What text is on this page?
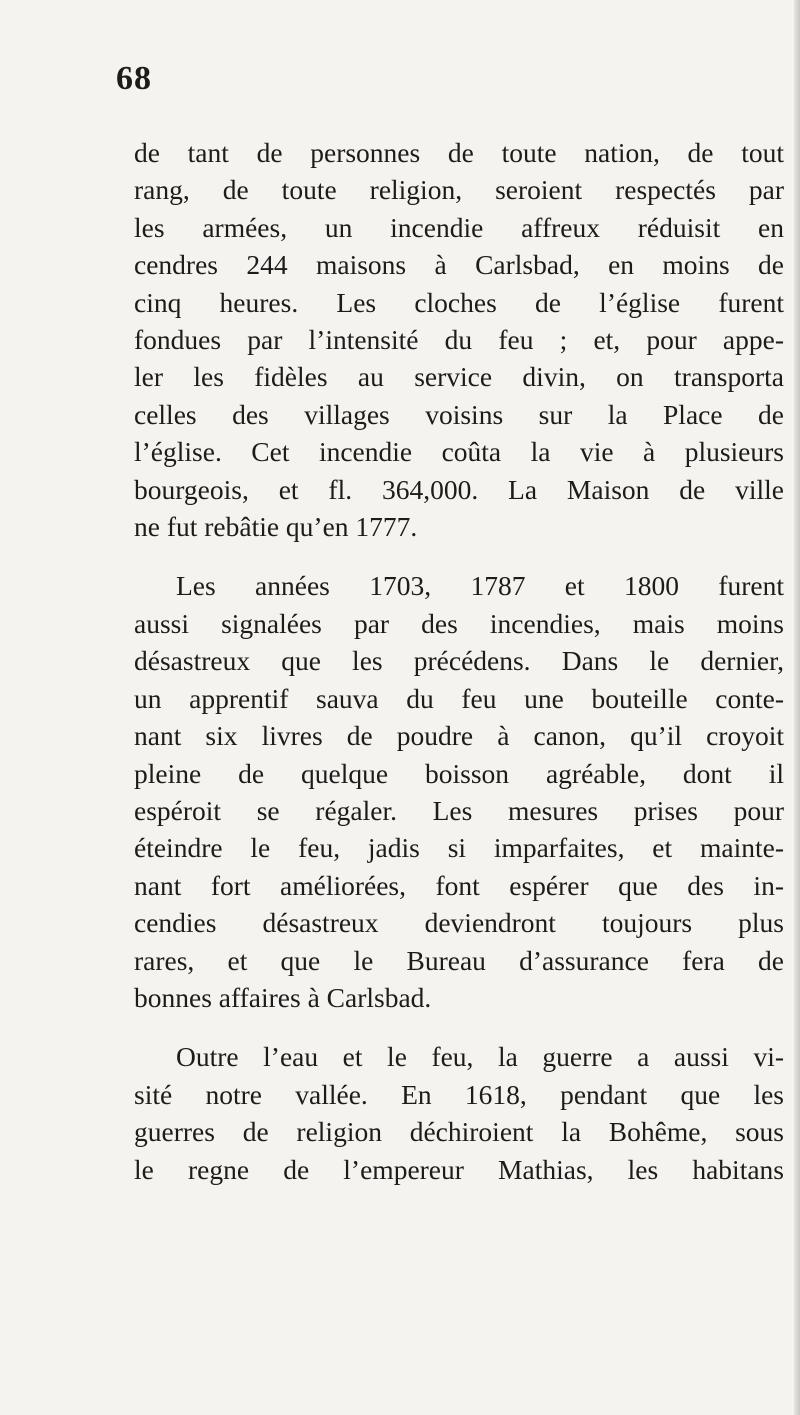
68
de tant de personnes de toute nation, de tout
rang, de toute religion, seroient respectés par
les armées, un incendie affreux réduisit en
cendres 244 maisons à Carlsbad, en moins de
cinq heures. Les cloches de l’église furent
fondues par l’intensité du feu ; et, pour appe-
ler les fidèles au service divin, on transporta
celles des villages voisins sur la Place de
l’église. Cet incendie coûta la vie à plusieurs
bourgeois, et fl. 364,000. La Maison de ville
ne fut rebâtie qu’en 1777.
Les années 1703, 1787 et 1800 furent
aussi signalées par des incendies, mais moins
désastreux que les précédens. Dans le dernier,
un apprentif sauva du feu une bouteille conte-
nant six livres de poudre à canon, qu’il croyoit
pleine de quelque boisson agréable, dont il
espéroit se régaler. Les mesures prises pour
éteindre le feu, jadis si imparfaites, et mainte-
nant fort améliorées, font espérer que des in-
cendies désastreux deviendront toujours plus
rares, et que le Bureau d’assurance fera de
bonnes affaires à Carlsbad.
Outre l’eau et le feu, la guerre a aussi vi-
sité notre vallée. En 1618, pendant que les
guerres de religion déchiroient la Bohême, sous
le regne de l’empereur Mathias, les habitans
